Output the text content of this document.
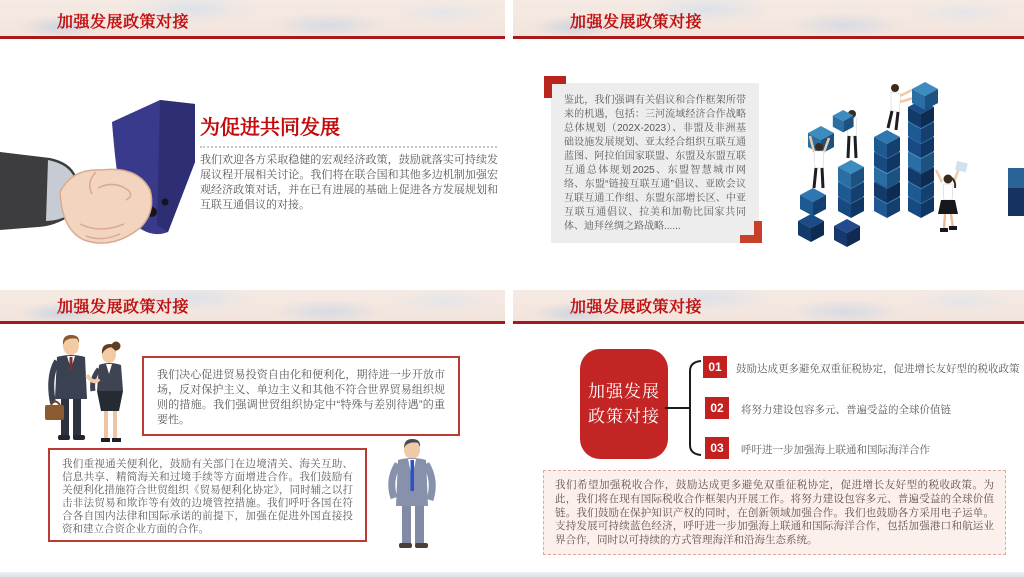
加强发展政策对接
为促进共同发展
我们欢迎各方采取稳健的宏观经济政策，鼓励就落实可持续发展议程开展相关讨论。我们将在联合国和其他多边机制加强宏观经济政策对话，并在已有进展的基础上促进各方发展规划和互联互通倡议的对接。
加强发展政策对接
鉴此，我们强调有关倡议和合作框架所带来的机遇，包括：三河流域经济合作战略总体规划（202X-2023）、非盟及非洲基础设施发展规划、亚太经合组织互联互通蓝图、阿拉伯国家联盟、东盟及东盟互联互通总体规划2025、东盟智慧城市网络、东盟“链接互联互通”倡议、亚欧会议互联互通工作组、东盟东部增长区、中亚互联互通倡议、拉美和加勒比国家共同体、迪拜丝绸之路战略......
加强发展政策对接
我们决心促进贸易投资自由化和便利化，期待进一步开放市场，反对保护主义、单边主义和其他不符合世界贸易组织规则的措施。我们强调世贸组织协定中“特殊与差别待遇”的重要性。
我们重视通关便利化，鼓励有关部门在边境清关、海关互助、信息共享、精简海关和过境手续等方面增进合作。我们鼓励有关便利化措施符合世贸组织《贸易便利化协定》，同时辅之以打击非法贸易和欺诈等有效的边境管控措施。我们呼吁各国在符合各自国内法律和国际承诺的前提下，加强在促进外国直接投资和建立合资企业方面的合作。
加强发展政策对接
加强发展
政策对接
01	鼓励达成更多避免双重征税协定，促进增长友好型的税收政策
02	将努力建设包容多元、普遍受益的全球价值链
03	呼吁进一步加强海上联通和国际海洋合作
我们希望加强税收合作，鼓励达成更多避免双重征税协定，促进增长友好型的税收政策。为此，我们将在现有国际税收合作框架内开展工作。将努力建设包容多元、普遍受益的全球价值链。我们鼓励在保护知识产权的同时，在创新领域加强合作。我们也鼓励各方采用电子运单。支持发展可持续蓝色经济，呼吁进一步加强海上联通和国际海洋合作，包括加强港口和航运业界合作，同时以可持续的方式管理海洋和沿海生态系统。
